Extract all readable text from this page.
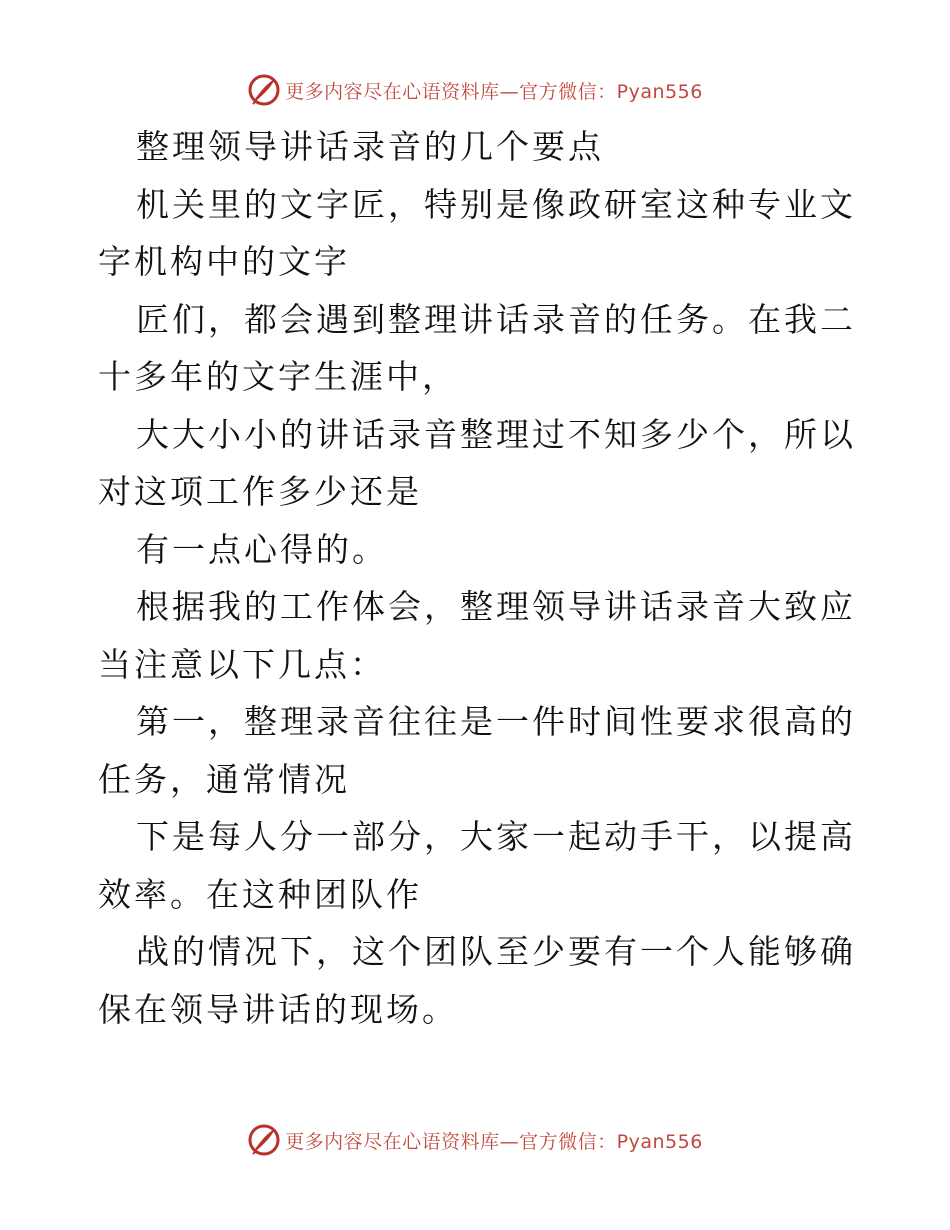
更多内容尽在心语资料库—官方微信：Pyan556

整理领导讲话录音的几个要点

机关里的文字匠，特别是像政研室这种专业文字机构中的文字

匠们，都会遇到整理讲话录音的任务。在我二十多年的文字生涯中，

大大小小的讲话录音整理过不知多少个，所以对这项工作多少还是

有一点心得的。

根据我的工作体会，整理领导讲话录音大致应当注意以下几点：

第一，整理录音往往是一件时间性要求很高的任务，通常情况

下是每人分一部分，大家一起动手干，以提高效率。在这种团队作

战的情况下，这个团队至少要有一个人能够确保在领导讲话的现场。

更多内容尽在心语资料库—官方微信：Pyan556
